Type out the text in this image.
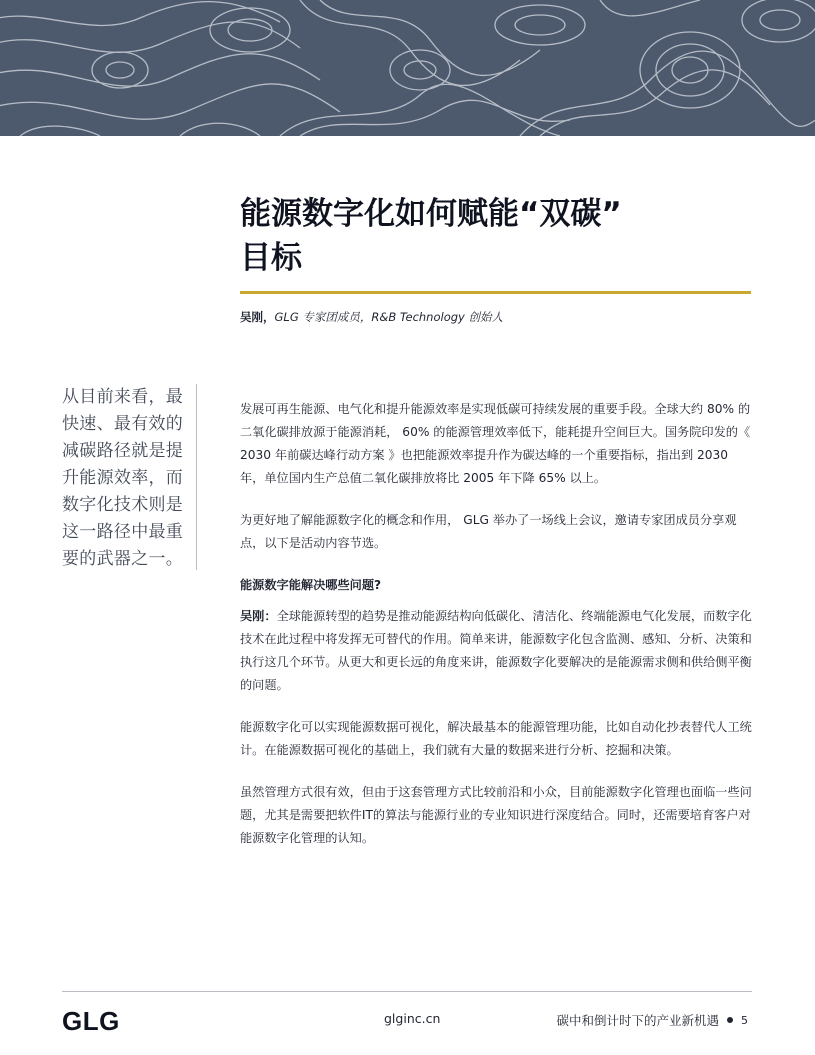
能源数字化如何赋能“双碳”
目标
吴刚，GLG 专家团成员，R&B Technology 创始人
从目前来看，最快速、最有效的减碳路径就是提升能源效率，而数字化技术则是这一路径中最重要的武器之一。

发展可再生能源、电气化和提升能源效率是实现低碳可持续发展的重要手段。全球大约 80% 的二氧化碳排放源于能源消耗， 60% 的能源管理效率低下，能耗提升空间巨大。国务院印发的《 2030 年前碳达峰行动方案 》也把能源效率提升作为碳达峰的一个重要指标，指出到 2030 年，单位国内生产总值二氧化碳排放将比 2005 年下降 65% 以上。

为更好地了解能源数字化的概念和作用， GLG 举办了一场线上会议，邀请专家团成员分享观点，以下是活动内容节选。

能源数字能解决哪些问题?

吴刚：全球能源转型的趋势是推动能源结构向低碳化、清洁化、终端能源电气化发展，而数字化技术在此过程中将发挥无可替代的作用。简单来讲，能源数字化包含监测、感知、分析、决策和执行这几个环节。从更大和更长远的角度来讲，能源数字化要解决的是能源需求侧和供给侧平衡的问题。

能源数字化可以实现能源数据可视化，解决最基本的能源管理功能，比如自动化抄表替代人工统计。在能源数据可视化的基础上，我们就有大量的数据来进行分析、挖掘和决策。

虽然管理方式很有效，但由于这套管理方式比较前沿和小众，目前能源数字化管理也面临一些问题，尤其是需要把软件IT的算法与能源行业的专业知识进行深度结合。同时，还需要培育客户对能源数字化管理的认知。

GLG	glginc.cn	碳中和倒计时下的产业新机遇 5
